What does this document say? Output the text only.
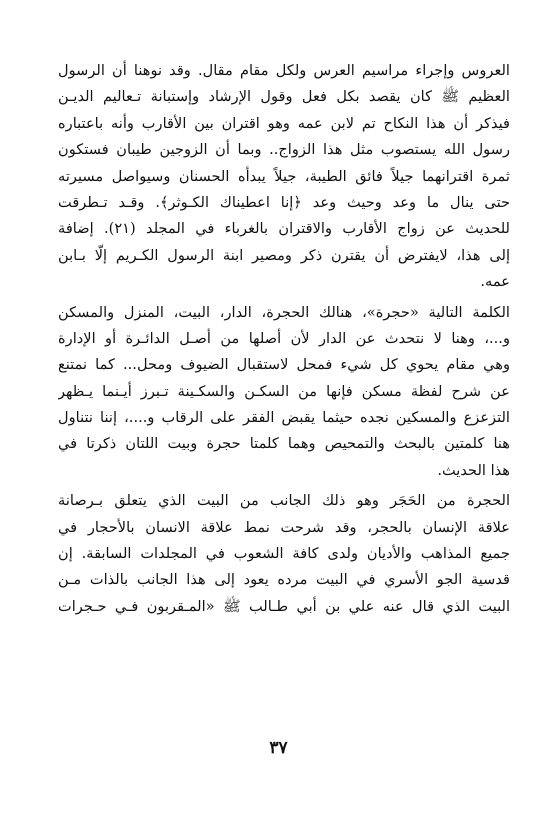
العروس وإجراء مراسيم العرس ولكل مقام مقال. وقد نوهنا أن الرسول
العظيم ﷺ كان يقصد بكل فعل وقول الإرشاد وإستبانة تـعاليم الديـن
فيذكر أن هذا النكاح تم لابن عمه وهو اقتران بين الأقارب وأنه باعتباره
رسول الله يستصوب مثل هذا الزواج.. وبما أن الزوجين طيبان فستكون
ثمرة اقترانهما جيلاً فائق الطيبة، جيلاً يبدأه الحسنان وسيواصل مسيرته
حتى ينال ما وعد وحيث وعد ﴿إنا اعطيناك الكـوثر﴾. وقـد تـطرقت
للحديث عن زواج الأقارب والاقتران بالغرباء في المجلد (٢١). إضافة
إلى هذا، لايفترض أن يقترن ذكر ومصير ابنة الرسول الكـريم إلّا بـابن
عمه.
الكلمة التالية «حجرة»، هنالك الحجرة، الدار، البيت، المنزل والمسكن
و...، وهنا لا نتحدث عن الدار لأن أصلها من أصـل الدائـرة أو الإدارة
وهي مقام يحوي كل شيء فمحل لاستقبال الضيوف ومحل... كما نمتنع
عن شرح لفظة مسكن فإنها من السكـن والسكـينة تـبرز أيـنما يـظهر
التزعزع والمسكين نجده حيثما يقبض الفقر على الرقاب و....، إننا نتناول
هنا كلمتين بالبحث والتمحيص وهما كلمتا حجرة وبيت اللتان ذكرتا في
هذا الحديث.
الحجرة من الحَجَر وهو ذلك الجانب من البيت الذي يتعلق بـرصانة
علاقة الإنسان بالحجر، وقد شرحت نمط علاقة الانسان بالأحجار في
جميع المذاهب والأديان ولدى كافة الشعوب في المجلدات السابقة. إن
قدسية الجو الأسري في البيت مرده يعود إلى هذا الجانب بالذات مـن
البيت الذي قال عنه علي بن أبي طـالب ﷺ «المـقربون فـي حـجرات
٣٧
